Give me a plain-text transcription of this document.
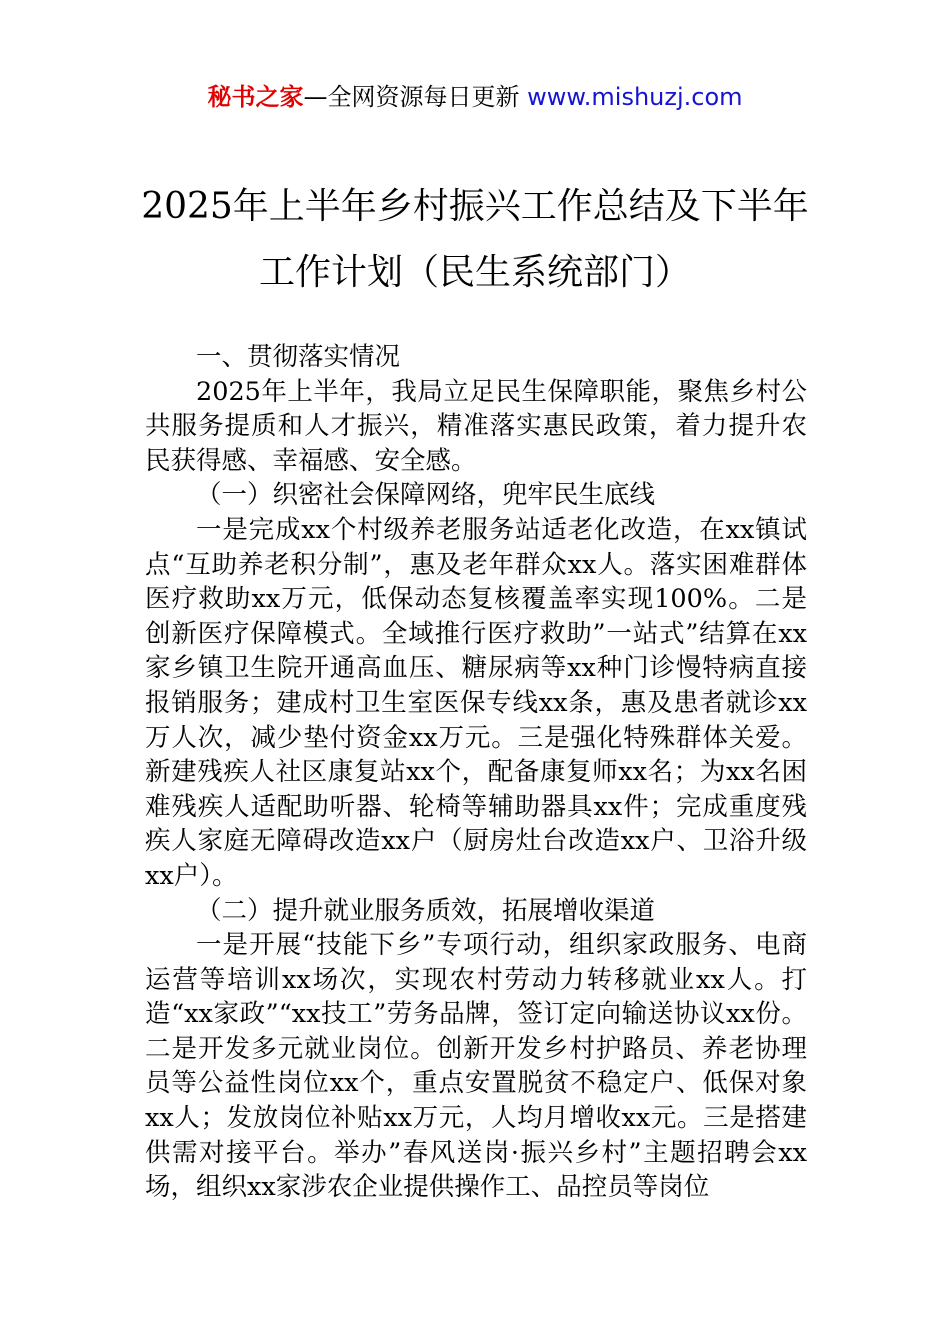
秘书之家—全网资源每日更新 www.mishuzj.com
2025年上半年乡村振兴工作总结及下半年
工作计划（民生系统部门）

一、贯彻落实情况

2025年上半年，我局立足民生保障职能，聚焦乡村公共服务提质和人才振兴，精准落实惠民政策，着力提升农民获得感、幸福感、安全感。

（一）织密社会保障网络，兜牢民生底线

一是完成xx个村级养老服务站适老化改造，在xx镇试点“互助养老积分制”，惠及老年群众xx人。落实困难群体医疗救助xx万元，低保动态复核覆盖率实现100%。二是创新医疗保障模式。全域推行医疗救助”一站式”结算在xx家乡镇卫生院开通高血压、糖尿病等xx种门诊慢特病直接报销服务；建成村卫生室医保专线xx条，惠及患者就诊xx万人次，减少垫付资金xx万元。三是强化特殊群体关爱。新建残疾人社区康复站xx个，配备康复师xx名；为xx名困难残疾人适配助听器、轮椅等辅助器具xx件；完成重度残疾人家庭无障碍改造xx户（厨房灶台改造xx户、卫浴升级xx户）。

（二）提升就业服务质效，拓展增收渠道

一是开展“技能下乡”专项行动，组织家政服务、电商运营等培训xx场次，实现农村劳动力转移就业xx人。打造“xx家政”“xx技工”劳务品牌，签订定向输送协议xx份。二是开发多元就业岗位。创新开发乡村护路员、养老协理员等公益性岗位xx个，重点安置脱贫不稳定户、低保对象xx人；发放岗位补贴xx万元，人均月增收xx元。三是搭建供需对接平台。举办”春风送岗·振兴乡村”主题招聘会xx场，组织xx家涉农企业提供操作工、品控员等岗位
